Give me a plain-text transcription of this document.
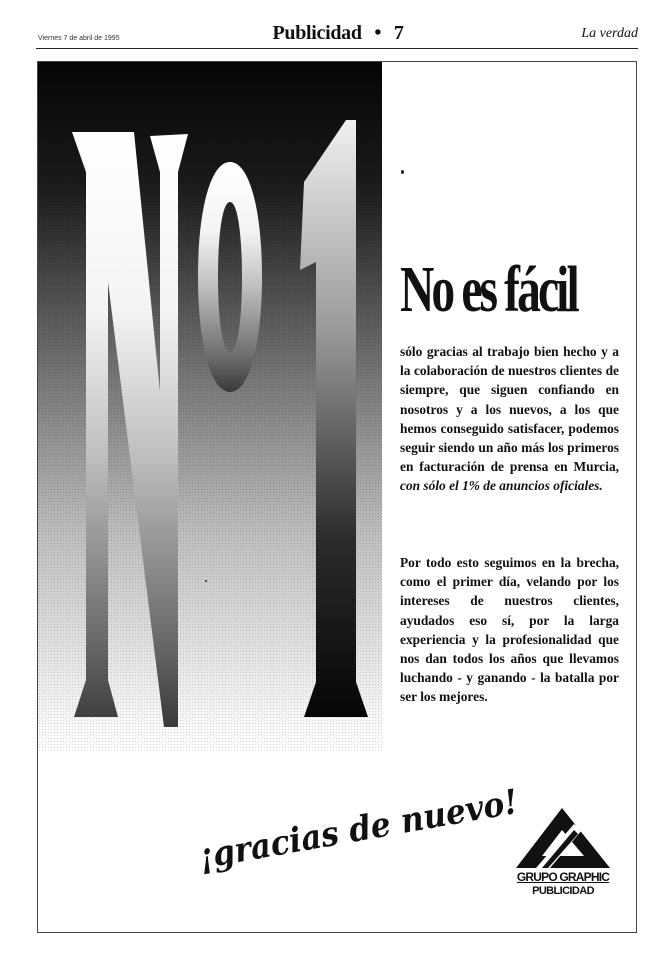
Viernes 7 de abril de 1995	Publicidad • 7	La verdad
No es fácil

sólo gracias al trabajo bien hecho y a la colaboración de nuestros clientes de siempre, que siguen confiando en nosotros y a los nuevos, a los que hemos conseguido satisfacer, podemos seguir siendo un año más los primeros en facturación de prensa en Murcia, con sólo el 1% de anuncios oficiales.

Por todo esto seguimos en la brecha, como el primer día, velando por los intereses de nuestros clientes, ayudados eso sí, por la larga experiencia y la profesionalidad que nos dan todos los años que llevamos luchando - y ganando - la batalla por ser los mejores.

¡gracias de nuevo!
GRUPO GRAPHIC
PUBLICIDAD
